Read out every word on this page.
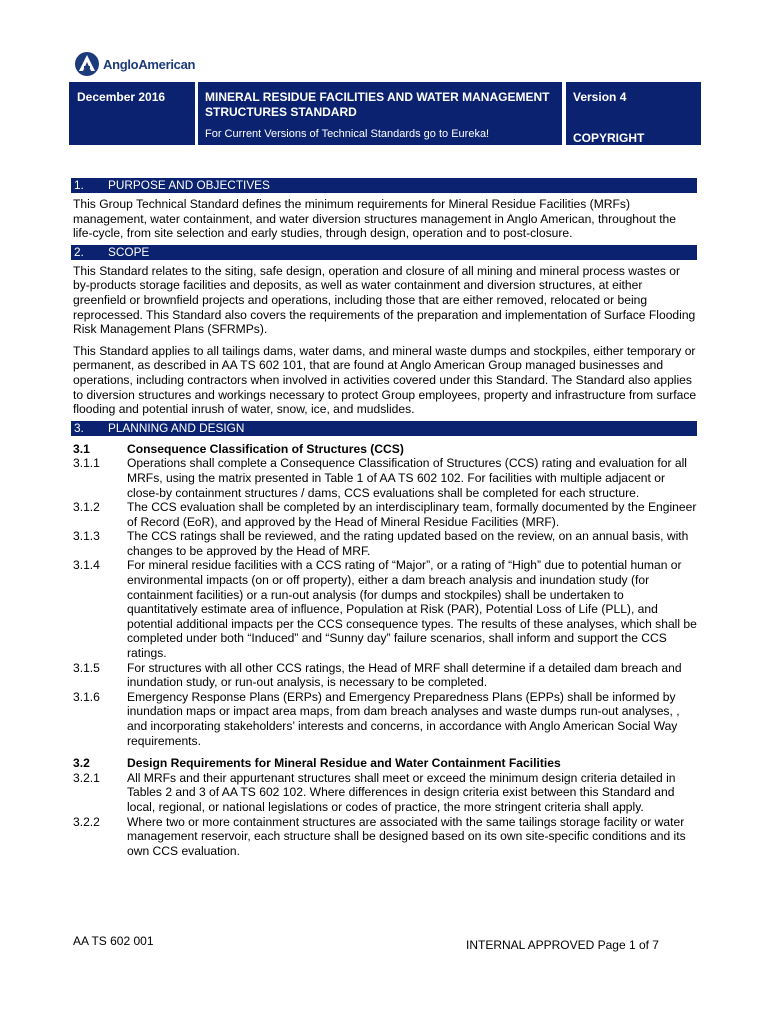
AngloAmerican
December 2016	MINERAL RESIDUE FACILITIES AND WATER MANAGEMENT STRUCTURES STANDARD
For Current Versions of Technical Standards go to Eureka!
Version 4
COPYRIGHT
1.	PURPOSE AND OBJECTIVES

This Group Technical Standard defines the minimum requirements for Mineral Residue Facilities (MRFs) management, water containment, and water diversion structures management in Anglo American, throughout the life-cycle, from site selection and early studies, through design, operation and to post-closure.

2.	SCOPE

This Standard relates to the siting, safe design, operation and closure of all mining and mineral process wastes or by-products storage facilities and deposits, as well as water containment and diversion structures, at either greenfield or brownfield projects and operations, including those that are either removed, relocated or being reprocessed. This Standard also covers the requirements of the preparation and implementation of Surface Flooding Risk Management Plans (SFRMPs).

This Standard applies to all tailings dams, water dams, and mineral waste dumps and stockpiles, either temporary or permanent, as described in AA TS 602 101, that are found at Anglo American Group managed businesses and operations, including contractors when involved in activities covered under this Standard. The Standard also applies to diversion structures and workings necessary to protect Group employees, property and infrastructure from surface flooding and potential inrush of water, snow, ice, and mudslides.

3.	PLANNING AND DESIGN
3.1	Consequence Classification of Structures (CCS)
3.1.1	Operations shall complete a Consequence Classification of Structures (CCS) rating and evaluation for all MRFs, using the matrix presented in Table 1 of AA TS 602 102. For facilities with multiple adjacent or close-by containment structures / dams, CCS evaluations shall be completed for each structure.
3.1.2	The CCS evaluation shall be completed by an interdisciplinary team, formally documented by the Engineer of Record (EoR), and approved by the Head of Mineral Residue Facilities (MRF).
3.1.3	The CCS ratings shall be reviewed, and the rating updated based on the review, on an annual basis, with changes to be approved by the Head of MRF.
3.1.4	For mineral residue facilities with a CCS rating of “Major”, or a rating of “High” due to potential human or environmental impacts (on or off property), either a dam breach analysis and inundation study (for containment facilities) or a run-out analysis (for dumps and stockpiles) shall be undertaken to quantitatively estimate area of influence, Population at Risk (PAR), Potential Loss of Life (PLL), and potential additional impacts per the CCS consequence types. The results of these analyses, which shall be completed under both “Induced” and “Sunny day” failure scenarios, shall inform and support the CCS ratings.
3.1.5	For structures with all other CCS ratings, the Head of MRF shall determine if a detailed dam breach and inundation study, or run-out analysis, is necessary to be completed.
3.1.6	Emergency Response Plans (ERPs) and Emergency Preparedness Plans (EPPs) shall be informed by inundation maps or impact area maps, from dam breach analyses and waste dumps run-out analyses, , and incorporating stakeholders’ interests and concerns, in accordance with Anglo American Social Way requirements.
3.2	Design Requirements for Mineral Residue and Water Containment Facilities
3.2.1	All MRFs and their appurtenant structures shall meet or exceed the minimum design criteria detailed in Tables 2 and 3 of AA TS 602 102. Where differences in design criteria exist between this Standard and local, regional, or national legislations or codes of practice, the more stringent criteria shall apply.
3.2.2	Where two or more containment structures are associated with the same tailings storage facility or water management reservoir, each structure shall be designed based on its own site-specific conditions and its own CCS evaluation.
AA TS 602 001	INTERNAL APPROVED Page 1 of 7
